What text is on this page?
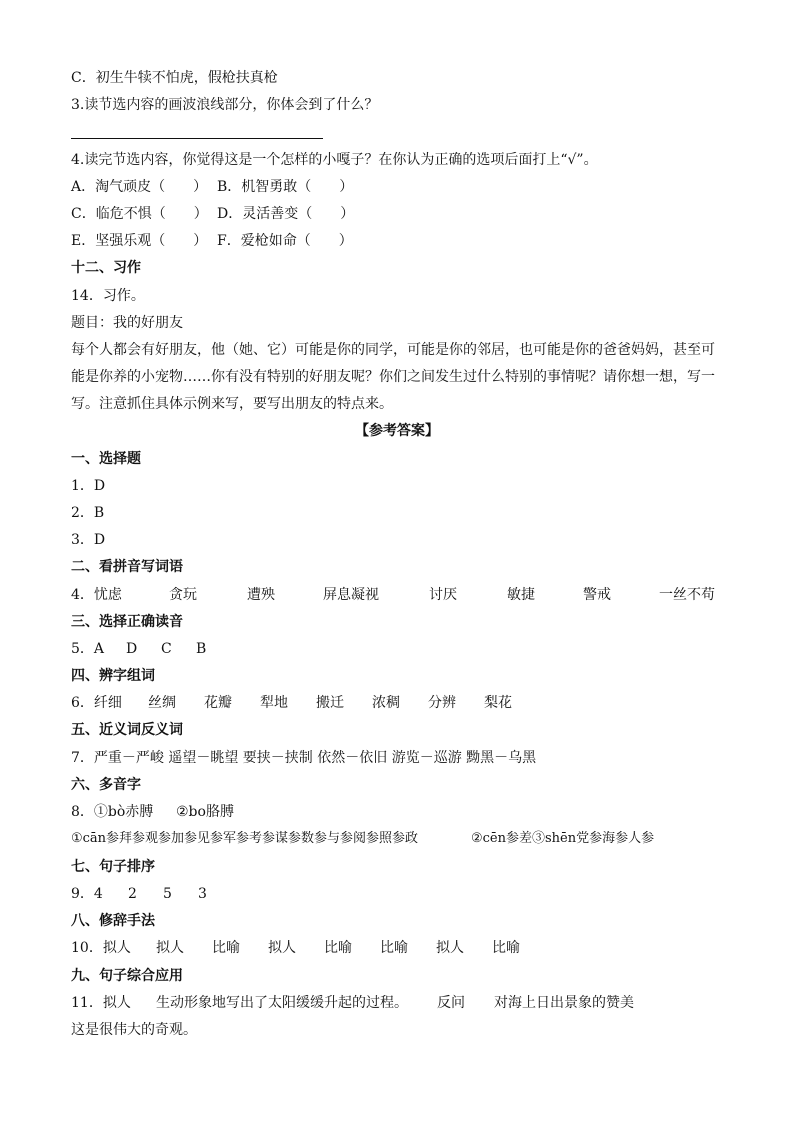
C．初生牛犊不怕虎，假枪扶真枪
3.读节选内容的画波浪线部分，你体会到了什么？
4.读完节选内容，你觉得这是一个怎样的小嘎子？在你认为正确的选项后面打上“√”。
A．淘气顽皮（　　） B．机智勇敢（　　）
C．临危不惧（　　） D．灵活善变（　　）
E．坚强乐观（　　） F．爱枪如命（　　）
十二、习作
14．习作。
题目：我的好朋友
每个人都会有好朋友，他（她、它）可能是你的同学，可能是你的邻居，也可能是你的爸爸妈妈，甚至可
能是你养的小宠物……你有没有特别的好朋友呢？你们之间发生过什么特别的事情呢？请你想一想，写一
写。注意抓住具体示例来写，要写出朋友的特点来。
【参考答案】
一、选择题
1．D
2．B
3．D
二、看拼音写词语
4．忧虑	贪玩	遭殃	屏息凝视	讨厌	敏捷	警戒	一丝不苟
三、选择正确读音
5．A D C B
四、辨字组词
6．纤细 丝绸 花瓣 犁地 搬迁 浓稠 分辨 梨花
五、近义词反义词
7．严重－严峻 遥望－眺望 要挟－挟制 依然－依旧 游览－巡游 黝黑－乌黑
六、多音字
8．①bò赤膊 ②bo胳膊
①cān参拜参观参加参见参军参考参谋参数参与参阅参照参政	②cēn参差③shēn党参海参人参
七、句子排序
9．4 2 5 3
八、修辞手法
10．拟人 拟人 比喻 拟人 比喻 比喻 拟人 比喻
九、句子综合应用
11．拟人 生动形象地写出了太阳缓缓升起的过程。 反问 对海上日出景象的赞美
这是很伟大的奇观。
